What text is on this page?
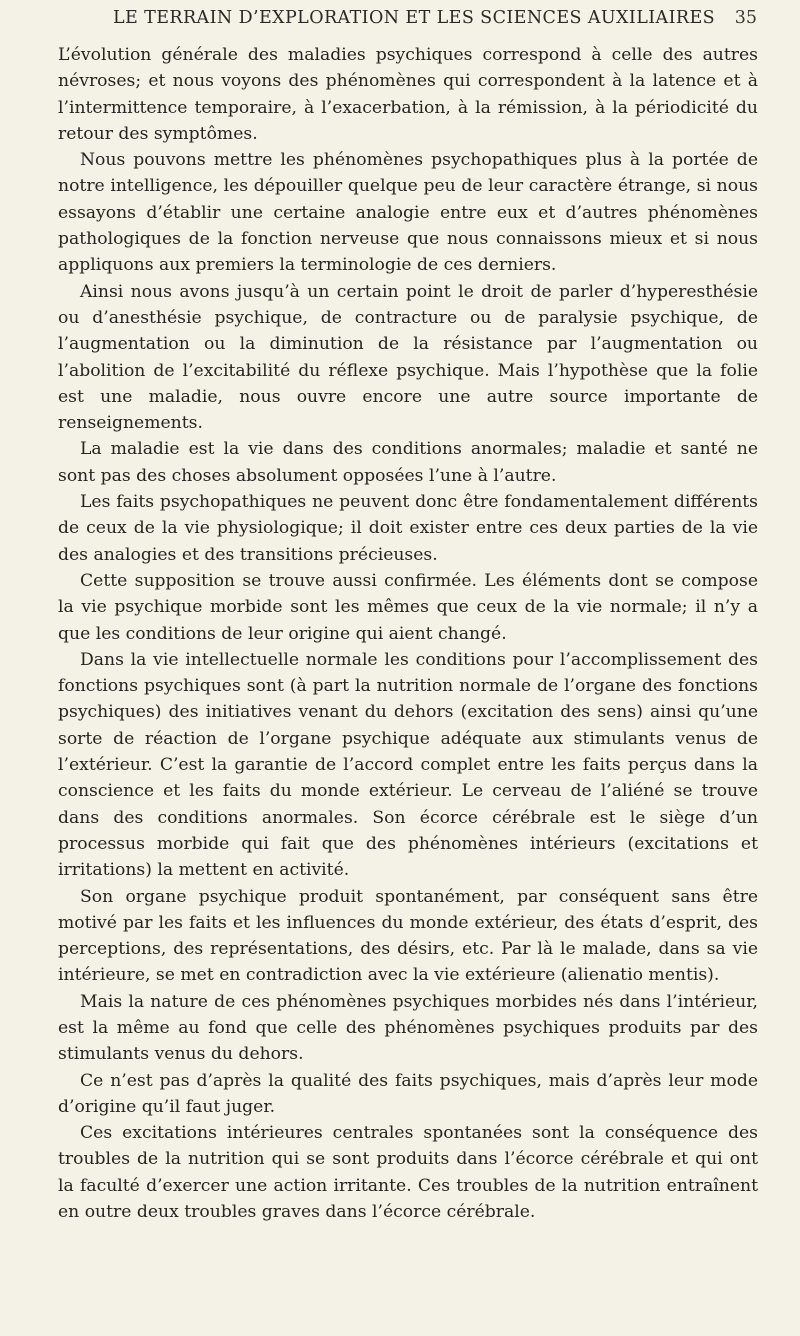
LE TERRAIN D’EXPLORATION ET LES SCIENCES AUXILIAIRES 35

L’évolution générale des maladies psychiques correspond à celle des autres névroses; et nous voyons des phénomènes qui correspondent à la latence et à l’intermittence temporaire, à l’exacerbation, à la rémission, à la périodicité du retour des symptômes.

Nous pouvons mettre les phénomènes psychopathiques plus à la portée de notre intelligence, les dépouiller quelque peu de leur caractère étrange, si nous essayons d’établir une certaine analogie entre eux et d’autres phénomènes pathologiques de la fonction nerveuse que nous connaissons mieux et si nous appliquons aux premiers la terminologie de ces derniers.

Ainsi nous avons jusqu’à un certain point le droit de parler d’hyperesthésie ou d’anesthésie psychique, de contracture ou de paralysie psychique, de l’augmentation ou la diminution de la résistance par l’augmentation ou l’abolition de l’excitabilité du réflexe psychique. Mais l’hypothèse que la folie est une maladie, nous ouvre encore une autre source importante de renseignements.

La maladie est la vie dans des conditions anormales; maladie et santé ne sont pas des choses absolument opposées l’une à l’autre.

Les faits psychopathiques ne peuvent donc être fondamentalement différents de ceux de la vie physiologique; il doit exister entre ces deux parties de la vie des analogies et des transitions précieuses.

Cette supposition se trouve aussi confirmée. Les éléments dont se compose la vie psychique morbide sont les mêmes que ceux de la vie normale; il n’y a que les conditions de leur origine qui aient changé.

Dans la vie intellectuelle normale les conditions pour l’accomplissement des fonctions psychiques sont (à part la nutrition normale de l’organe des fonctions psychiques) des initiatives venant du dehors (excitation des sens) ainsi qu’une sorte de réaction de l’organe psychique adéquate aux stimulants venus de l’extérieur. C’est la garantie de l’accord complet entre les faits perçus dans la conscience et les faits du monde extérieur. Le cerveau de l’aliéné se trouve dans des conditions anormales. Son écorce cérébrale est le siège d’un processus morbide qui fait que des phénomènes intérieurs (excitations et irritations) la mettent en activité.

Son organe psychique produit spontanément, par conséquent sans être motivé par les faits et les influences du monde extérieur, des états d’esprit, des perceptions, des représentations, des désirs, etc. Par là le malade, dans sa vie intérieure, se met en contradiction avec la vie extérieure (alienatio mentis).

Mais la nature de ces phénomènes psychiques morbides nés dans l’intérieur, est la même au fond que celle des phénomènes psychiques produits par des stimulants venus du dehors.

Ce n’est pas d’après la qualité des faits psychiques, mais d’après leur mode d’origine qu’il faut juger.

Ces excitations intérieures centrales spontanées sont la conséquence des troubles de la nutrition qui se sont produits dans l’écorce cérébrale et qui ont la faculté d’exercer une action irritante. Ces troubles de la nutrition entraînent en outre deux troubles graves dans l’écorce cérébrale.
